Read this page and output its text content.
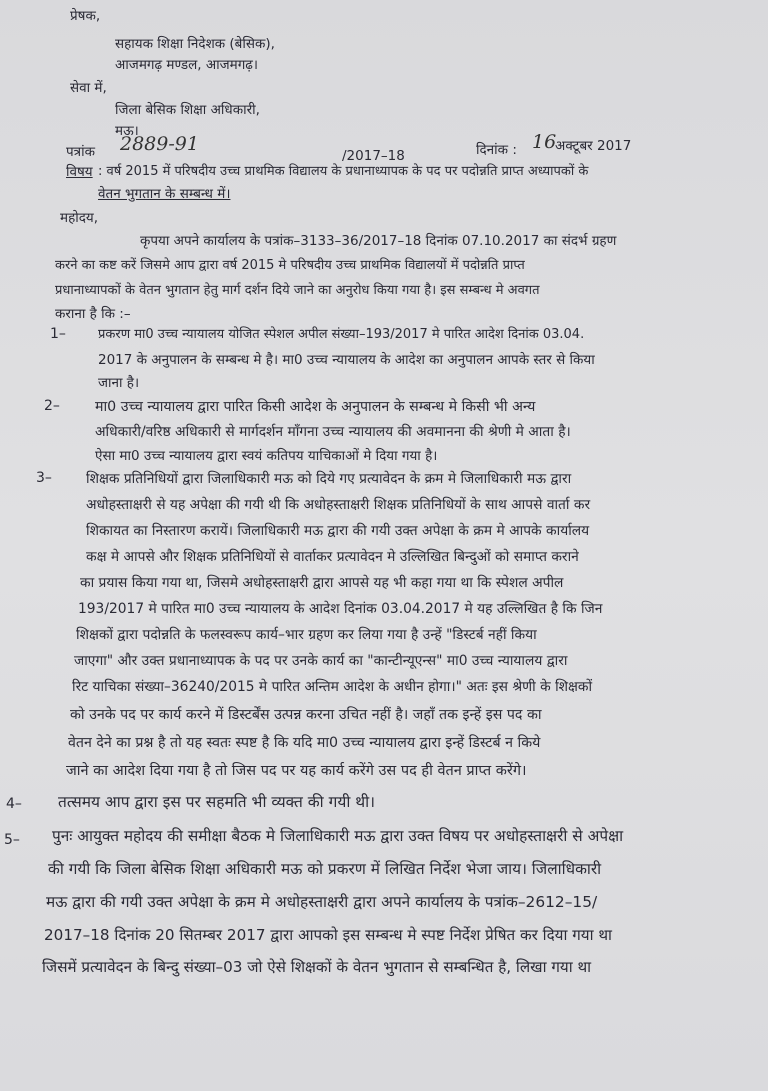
प्रेषक,
सहायक शिक्षा निदेशक (बेसिक),
आजमगढ़ मण्डल, आजमगढ़।
सेवा में,
जिला बेसिक शिक्षा अधिकारी,
मऊ।
पत्रांक 2889-91
/2017–18	दिनांक : 16
अक्टूबर 2017
विषय : वर्ष 2015 में परिषदीय उच्च प्राथमिक विद्यालय के प्रधानाध्यापक के पद पर पदोन्नति प्राप्त अध्यापकों के
वेतन भुगतान के सम्बन्ध में।
महोदय,
कृपया अपने कार्यालय के पत्रांक–3133–36/2017–18 दिनांक 07.10.2017 का संदर्भ ग्रहण
करने का कष्ट करें जिसमे आप द्वारा वर्ष 2015 मे परिषदीय उच्च प्राथमिक विद्यालयों में पदोन्नति प्राप्त
प्रधानाध्यापकों के वेतन भुगतान हेतु मार्ग दर्शन दिये जाने का अनुरोध किया गया है। इस सम्बन्ध मे अवगत
कराना है कि :–
1– प्रकरण मा0 उच्च न्यायालय योजित स्पेशल अपील संख्या–193/2017 मे पारित आदेश दिनांक 03.04.
2017 के अनुपालन के सम्बन्ध मे है। मा0 उच्च न्यायालय के आदेश का अनुपालन आपके स्तर से किया
जाना है।
2– मा0 उच्च न्यायालय द्वारा पारित किसी आदेश के अनुपालन के सम्बन्ध मे किसी भी अन्य
अधिकारी/वरिष्ठ अधिकारी से मार्गदर्शन माँगना उच्च न्यायालय की अवमानना की श्रेणी मे आता है।
ऐसा मा0 उच्च न्यायालय द्वारा स्वयं कतिपय याचिकाओं मे दिया गया है।
3– शिक्षक प्रतिनिधियों द्वारा जिलाधिकारी मऊ को दिये गए प्रत्यावेदन के क्रम मे जिलाधिकारी मऊ द्वारा
अधोहस्ताक्षरी से यह अपेक्षा की गयी थी कि अधोहस्ताक्षरी शिक्षक प्रतिनिधियों के साथ आपसे वार्ता कर
शिकायत का निस्तारण करायें। जिलाधिकारी मऊ द्वारा की गयी उक्त अपेक्षा के क्रम मे आपके कार्यालय
कक्ष मे आपसे और शिक्षक प्रतिनिधियों से वार्ताकर प्रत्यावेदन मे उल्लिखित बिन्दुओं को समाप्त कराने
का प्रयास किया गया था, जिसमे अधोहस्ताक्षरी द्वारा आपसे यह भी कहा गया था कि स्पेशल अपील
193/2017 मे पारित मा0 उच्च न्यायालय के आदेश दिनांक 03.04.2017 मे यह उल्लिखित है कि जिन
शिक्षकों द्वारा पदोन्नति के फलस्वरूप कार्य–भार ग्रहण कर लिया गया है उन्हें "डिस्टर्ब नहीं किया
जाएगा" और उक्त प्रधानाध्यापक के पद पर उनके कार्य का "कान्टीन्यूएन्स" मा0 उच्च न्यायालय द्वारा
रिट याचिका संख्या–36240/2015 मे पारित अन्तिम आदेश के अधीन होगा।" अतः इस श्रेणी के शिक्षकों
को उनके पद पर कार्य करने में डिस्टर्बेंस उत्पन्न करना उचित नहीं है। जहाँ तक इन्हें इस पद का
वेतन देने का प्रश्न है तो यह स्वतः स्पष्ट है कि यदि मा0 उच्च न्यायालय द्वारा इन्हें डिस्टर्ब न किये
जाने का आदेश दिया गया है तो जिस पद पर यह कार्य करेंगे उस पद ही वेतन प्राप्त करेंगे।
4– तत्समय आप द्वारा इस पर सहमति भी व्यक्त की गयी थी।
5– पुनः आयुक्त महोदय की समीक्षा बैठक मे जिलाधिकारी मऊ द्वारा उक्त विषय पर अधोहस्ताक्षरी से अपेक्षा
की गयी कि जिला बेसिक शिक्षा अधिकारी मऊ को प्रकरण में लिखित निर्देश भेजा जाय। जिलाधिकारी
मऊ द्वारा की गयी उक्त अपेक्षा के क्रम मे अधोहस्ताक्षरी द्वारा अपने कार्यालय के पत्रांक–2612–15/
2017–18 दिनांक 20 सितम्बर 2017 द्वारा आपको इस सम्बन्ध मे स्पष्ट निर्देश प्रेषित कर दिया गया था
जिसमें प्रत्यावेदन के बिन्दु संख्या–03 जो ऐसे शिक्षकों के वेतन भुगतान से सम्बन्धित है, लिखा गया था
